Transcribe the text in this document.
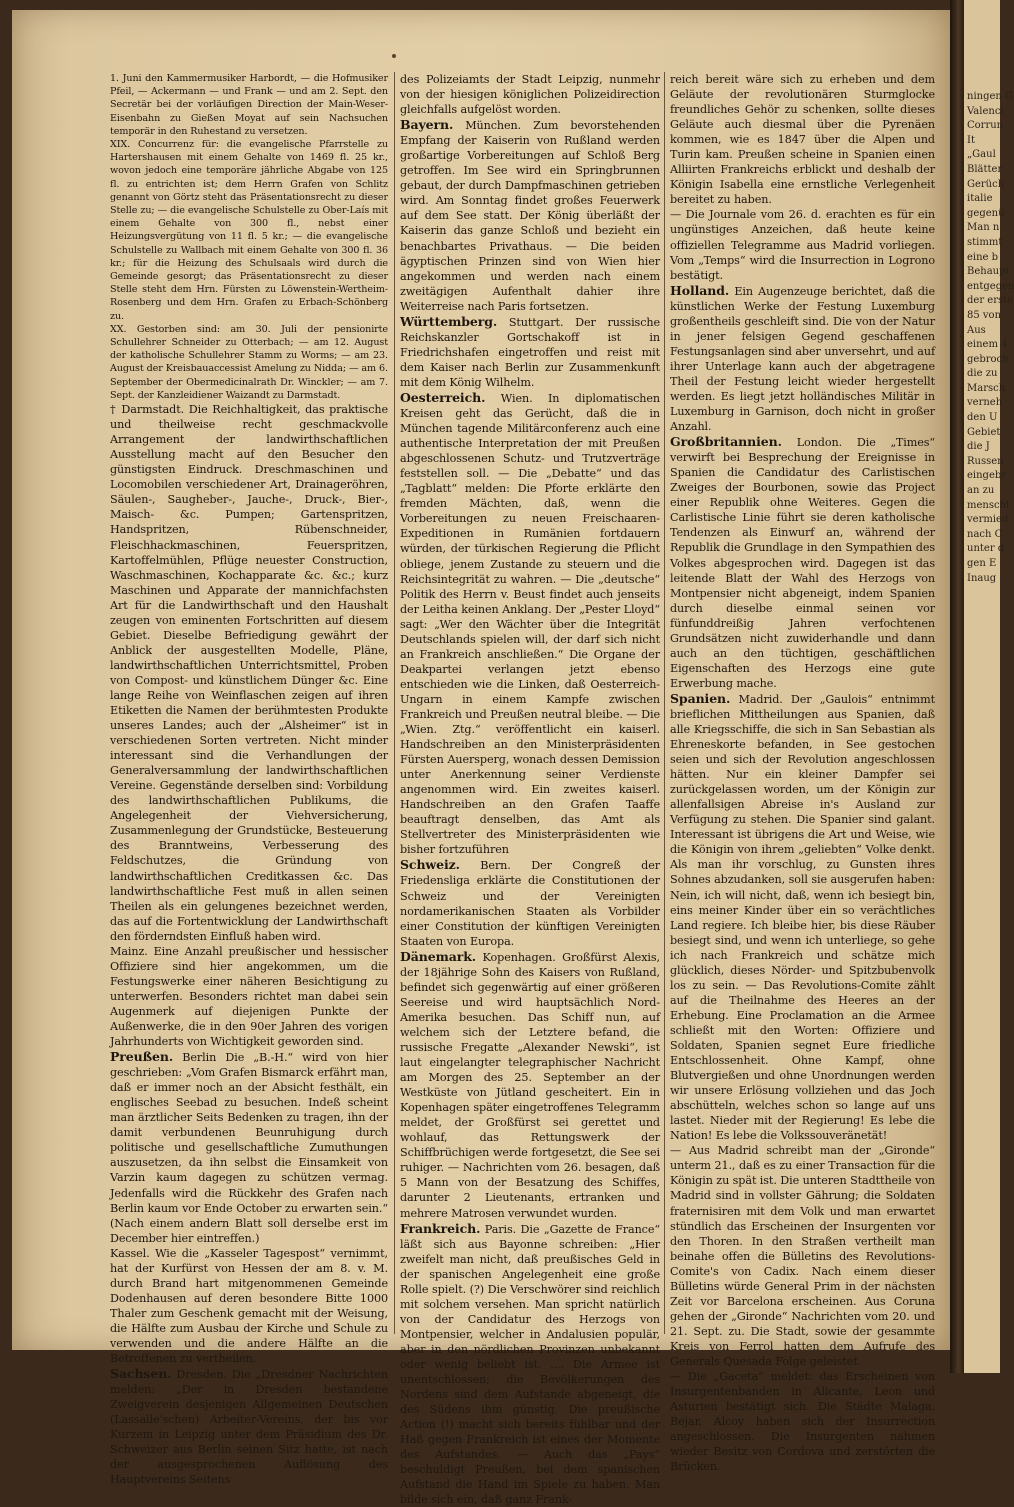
1. Juni den Kammermusiker Harbordt, — die Hofmusiker Pfeil, — Ackermann — und Frank — und am 2. Sept. den Secretär bei der vorläufigen Direction der Main-Weser-Eisenbahn zu Gießen Moyat auf sein Nachsuchen temporär in den Ruhestand zu versetzen.

XIX. Concurrenz für: die evangelische Pfarrstelle zu Hartershausen mit einem Gehalte von 1469 fl. 25 kr., wovon jedoch eine temporäre jährliche Abgabe von 125 fl. zu entrichten ist; dem Herrn Grafen von Schlitz genannt von Görtz steht das Präsentationsrecht zu dieser Stelle zu; — die evangelische Schulstelle zu Ober-Laís mit einem Gehalte von 300 fl., nebst einer Heizungsvergütung von 11 fl. 5 kr.; — die evangelische Schulstelle zu Wallbach mit einem Gehalte von 300 fl. 36 kr.; für die Heizung des Schulsaals wird durch die Gemeinde gesorgt; das Präsentationsrecht zu dieser Stelle steht dem Hrn. Fürsten zu Löwenstein-Wertheim-Rosenberg und dem Hrn. Grafen zu Erbach-Schönberg zu.

XX. Gestorben sind: am 30. Juli der pensionirte Schullehrer Schneider zu Otterbach; — am 12. August der katholische Schullehrer Stamm zu Worms; — am 23. August der Kreisbauaccessist Amelung zu Nidda; — am 6. September der Obermedicinalrath Dr. Winckler; — am 7. Sept. der Kanzleidiener Waizandt zu Darmstadt.

† Darmstadt. Die Reichhaltigkeit, das praktische und theilweise recht geschmackvolle Arrangement der landwirthschaftlichen Ausstellung macht auf den Besucher den günstigsten Eindruck. Dreschmaschinen und Locomobilen verschiedener Art, Drainageröhren, Säulen-, Saugheber-, Jauche-, Druck-, Bier-, Maisch- &c. Pumpen; Gartenspritzen, Handspritzen, Rübenschneider, Fleischhackmaschinen, Feuerspritzen, Kartoffelmühlen, Pflüge neuester Construction, Waschmaschinen, Kochapparate &c. &c.; kurz Maschinen und Apparate der mannichfachsten Art für die Landwirthschaft und den Haushalt zeugen von eminenten Fortschritten auf diesem Gebiet. Dieselbe Befriedigung gewährt der Anblick der ausgestellten Modelle, Pläne, landwirthschaftlichen Unterrichtsmittel, Proben von Compost- und künstlichem Dünger &c. Eine lange Reihe von Weinflaschen zeigen auf ihren Etiketten die Namen der berühmtesten Produkte unseres Landes; auch der „Alsheimer“ ist in verschiedenen Sorten vertreten. Nicht minder interessant sind die Verhandlungen der Generalversammlung der landwirthschaftlichen Vereine. Gegenstände derselben sind: Vorbildung des landwirthschaftlichen Publikums, die Angelegenheit der Viehversicherung, Zusammenlegung der Grundstücke, Besteuerung des Branntweins, Verbesserung des Feldschutzes, die Gründung von landwirthschaftlichen Creditkassen &c. Das landwirthschaftliche Fest muß in allen seinen Theilen als ein gelungenes bezeichnet werden, das auf die Fortentwicklung der Landwirthschaft den förderndsten Einfluß haben wird.

Mainz. Eine Anzahl preußischer und hessischer Offiziere sind hier angekommen, um die Festungswerke einer näheren Besichtigung zu unterwerfen. Besonders richtet man dabei sein Augenmerk auf diejenigen Punkte der Außenwerke, die in den 90er Jahren des vorigen Jahrhunderts von Wichtigkeit geworden sind.

Preußen. Berlin Die „B.-H.“ wird von hier geschrieben: „Vom Grafen Bismarck erfährt man, daß er immer noch an der Absicht festhält, ein englisches Seebad zu besuchen. Indeß scheint man ärztlicher Seits Bedenken zu tragen, ihn der damit verbundenen Beunruhigung durch politische und gesellschaftliche Zumuthungen auszusetzen, da ihn selbst die Einsamkeit von Varzin kaum dagegen zu schützen vermag. Jedenfalls wird die Rückkehr des Grafen nach Berlin kaum vor Ende October zu erwarten sein.“ (Nach einem andern Blatt soll derselbe erst im December hier eintreffen.)

Kassel. Wie die „Kasseler Tagespost“ vernimmt, hat der Kurfürst von Hessen der am 8. v. M. durch Brand hart mitgenommenen Gemeinde Dodenhausen auf deren besondere Bitte 1000 Thaler zum Geschenk gemacht mit der Weisung, die Hälfte zum Ausbau der Kirche und Schule zu verwenden und die andere Hälfte an die Betroffenen zu vertheilen.

Sachsen. Dresden. Die „Dresdner Nachrichten melden: „Der in Dresden bestandene Zweigverein desjenigen Allgemeinen Deutschen (Lassalle'schen) Arbeiter-Vereins, der bis vor Kurzem in Leipzig unter dem Präsidium des Dr. Schweizer aus Berlin seinen Sitz hatte, ist nach der ausgesprochenen Auflösung des Hauptvereins Seitens

des Polizeiamts der Stadt Leipzig, nunmehr von der hiesigen königlichen Polizeidirection gleichfalls aufgelöst worden.

Bayern. München. Zum bevorstehenden Empfang der Kaiserin von Rußland werden großartige Vorbereitungen auf Schloß Berg getroffen. Im See wird ein Springbrunnen gebaut, der durch Dampfmaschinen getrieben wird. Am Sonntag findet großes Feuerwerk auf dem See statt. Der König überläßt der Kaiserin das ganze Schloß und bezieht ein benachbartes Privathaus. — Die beiden ägyptischen Prinzen sind von Wien hier angekommen und werden nach einem zweitägigen Aufenthalt dahier ihre Weiterreise nach Paris fortsetzen.

Württemberg. Stuttgart. Der russische Reichskanzler Gortschakoff ist in Friedrichshafen eingetroffen und reist mit dem Kaiser nach Berlin zur Zusammenkunft mit dem König Wilhelm.

Oesterreich. Wien. In diplomatischen Kreisen geht das Gerücht, daß die in München tagende Militärconferenz auch eine authentische Interpretation der mit Preußen abgeschlossenen Schutz- und Trutzverträge feststellen soll. — Die „Debatte“ und das „Tagblatt“ melden: Die Pforte erklärte den fremden Mächten, daß, wenn die Vorbereitungen zu neuen Freischaaren-Expeditionen in Rumänien fortdauern würden, der türkischen Regierung die Pflicht obliege, jenem Zustande zu steuern und die Reichsintegrität zu wahren. — Die „deutsche“ Politik des Herrn v. Beust findet auch jenseits der Leitha keinen Anklang. Der „Pester Lloyd“ sagt: „Wer den Wächter über die Integrität Deutschlands spielen will, der darf sich nicht an Frankreich anschließen.“ Die Organe der Deakpartei verlangen jetzt ebenso entschieden wie die Linken, daß Oesterreich-Ungarn in einem Kampfe zwischen Frankreich und Preußen neutral bleibe. — Die „Wien. Ztg.“ veröffentlicht ein kaiserl. Handschreiben an den Ministerpräsidenten Fürsten Auersperg, wonach dessen Demission unter Anerkennung seiner Verdienste angenommen wird. Ein zweites kaiserl. Handschreiben an den Grafen Taaffe beauftragt denselben, das Amt als Stellvertreter des Ministerpräsidenten wie bisher fortzuführen

Schweiz. Bern. Der Congreß der Friedensliga erklärte die Constitutionen der Schweiz und der Vereinigten nordamerikanischen Staaten als Vorbilder einer Constitution der künftigen Vereinigten Staaten von Europa.

Dänemark. Kopenhagen. Großfürst Alexis, der 18jährige Sohn des Kaisers von Rußland, befindet sich gegenwärtig auf einer größeren Seereise und wird hauptsächlich Nord-Amerika besuchen. Das Schiff nun, auf welchem sich der Letztere befand, die russische Fregatte „Alexander Newski“, ist laut eingelangter telegraphischer Nachricht am Morgen des 25. September an der Westküste von Jütland gescheitert. Ein in Kopenhagen später eingetroffenes Telegramm meldet, der Großfürst sei gerettet und wohlauf, das Rettungswerk der Schiffbrüchigen werde fortgesetzt, die See sei ruhiger. — Nachrichten vom 26. besagen, daß 5 Mann von der Besatzung des Schiffes, darunter 2 Lieutenants, ertranken und mehrere Matrosen verwundet wurden.

Frankreich. Paris. Die „Gazette de France“ läßt sich aus Bayonne schreiben: „Hier zweifelt man nicht, daß preußisches Geld in der spanischen Angelegenheit eine große Rolle spielt. (?) Die Verschwörer sind reichlich mit solchem versehen. Man spricht natürlich von der Candidatur des Herzogs von Montpensier, welcher in Andalusien populär, aber in den nördlichen Provinzen unbekannt oder wenig beliebt ist. .... Die Armee ist unentschlossen; die Bevölkerungen des Nordens sind dem Aufstande abgeneigt, die des Südens ihm günstig. Die preußische Action (!) macht sich bereits fühlbar und der Haß gegen Frankreich ist eines der Momente des Aufstandes. — Auch das „Pays“ beschuldigt Preußen, bei dem spanischen Aufstand die Hand im Spiele zu haben. Man bilde sich ein, daß ganz Frank-

reich bereit wäre sich zu erheben und dem Geläute der revolutionären Sturmglocke freundliches Gehör zu schenken, sollte dieses Geläute auch diesmal über die Pyrenäen kommen, wie es 1847 über die Alpen und Turin kam. Preußen scheine in Spanien einen Alliirten Frankreichs erblickt und deshalb der Königin Isabella eine ernstliche Verlegenheit bereitet zu haben.

— Die Journale vom 26. d. erachten es für ein ungünstiges Anzeichen, daß heute keine offiziellen Telegramme aus Madrid vorliegen. Vom „Temps“ wird die Insurrection in Logrono bestätigt.

Holland. Ein Augenzeuge berichtet, daß die künstlichen Werke der Festung Luxemburg großentheils geschleift sind. Die von der Natur in jener felsigen Gegend geschaffenen Festungsanlagen sind aber unversehrt, und auf ihrer Unterlage kann auch der abgetragene Theil der Festung leicht wieder hergestellt werden. Es liegt jetzt holländisches Militär in Luxemburg in Garnison, doch nicht in großer Anzahl.

Großbritannien. London. Die „Times“ verwirft bei Besprechung der Ereignisse in Spanien die Candidatur des Carlistischen Zweiges der Bourbonen, sowie das Project einer Republik ohne Weiteres. Gegen die Carlistische Linie führt sie deren katholische Tendenzen als Einwurf an, während der Republik die Grundlage in den Sympathien des Volkes abgesprochen wird. Dagegen ist das leitende Blatt der Wahl des Herzogs von Montpensier nicht abgeneigt, indem Spanien durch dieselbe einmal seinen vor fünfunddreißig Jahren verfochtenen Grundsätzen nicht zuwiderhandle und dann auch an den tüchtigen, geschäftlichen Eigenschaften des Herzogs eine gute Erwerbung mache.

Spanien. Madrid. Der „Gaulois“ entnimmt brieflichen Mittheilungen aus Spanien, daß alle Kriegsschiffe, die sich in San Sebastian als Ehreneskorte befanden, in See gestochen seien und sich der Revolution angeschlossen hätten. Nur ein kleiner Dampfer sei zurückgelassen worden, um der Königin zur allenfallsigen Abreise in's Ausland zur Verfügung zu stehen. Die Spanier sind galant. Interessant ist übrigens die Art und Weise, wie die Königin von ihrem „geliebten“ Volke denkt. Als man ihr vorschlug, zu Gunsten ihres Sohnes abzudanken, soll sie ausgerufen haben: Nein, ich will nicht, daß, wenn ich besiegt bin, eins meiner Kinder über ein so verächtliches Land regiere. Ich bleibe hier, bis diese Räuber besiegt sind, und wenn ich unterliege, so gehe ich nach Frankreich und schätze mich glücklich, dieses Nörder- und Spitzbubenvolk los zu sein. — Das Revolutions-Comite zählt auf die Theilnahme des Heeres an der Erhebung. Eine Proclamation an die Armee schließt mit den Worten: Offiziere und Soldaten, Spanien segnet Eure friedliche Entschlossenheit. Ohne Kampf, ohne Blutvergießen und ohne Unordnungen werden wir unsere Erlösung vollziehen und das Joch abschütteln, welches schon so lange auf uns lastet. Nieder mit der Regierung! Es lebe die Nation! Es lebe die Volkssouveränetät!

— Aus Madrid schreibt man der „Gironde“ unterm 21., daß es zu einer Transaction für die Königin zu spät ist. Die unteren Stadttheile von Madrid sind in vollster Gährung; die Soldaten fraternisiren mit dem Volk und man erwartet stündlich das Erscheinen der Insurgenten vor den Thoren. In den Straßen vertheilt man beinahe offen die Bülletins des Revolutions-Comite's von Cadix. Nach einem dieser Bülletins würde General Prim in der nächsten Zeit vor Barcelona erscheinen. Aus Coruna gehen der „Gironde“ Nachrichten vom 20. und 21. Sept. zu. Die Stadt, sowie der gesammte Kreis von Ferrol hatten dem Aufrufe des Generals Quesada Folge geleistet.

— Die „Gaceta“ meldet: das Erscheinen von Insurgentenbanden in Alicante, Leon und Asturien bestätigt sich. Die Städte Malaga, Bejar, Alcoy haben sich der Insurrection angeschlossen. Die Insurgenten nahmen wieder Besitz von Cordova und zerstörten die Brücken.

ningen G
Valenci
Corrun
It
„Gaul
Blätter
Gerüch
italie
gegenü
Man n
stimmt
eine b
Behaupt
entgegen
der erste
85 von
Aus
einem 4
gebroch
die zu
Marsch
verneh
den U
Gebiet
die J
Russen
eingebr
an zu
menschl
vermied
nach C
unter d
gen E
Inaug
